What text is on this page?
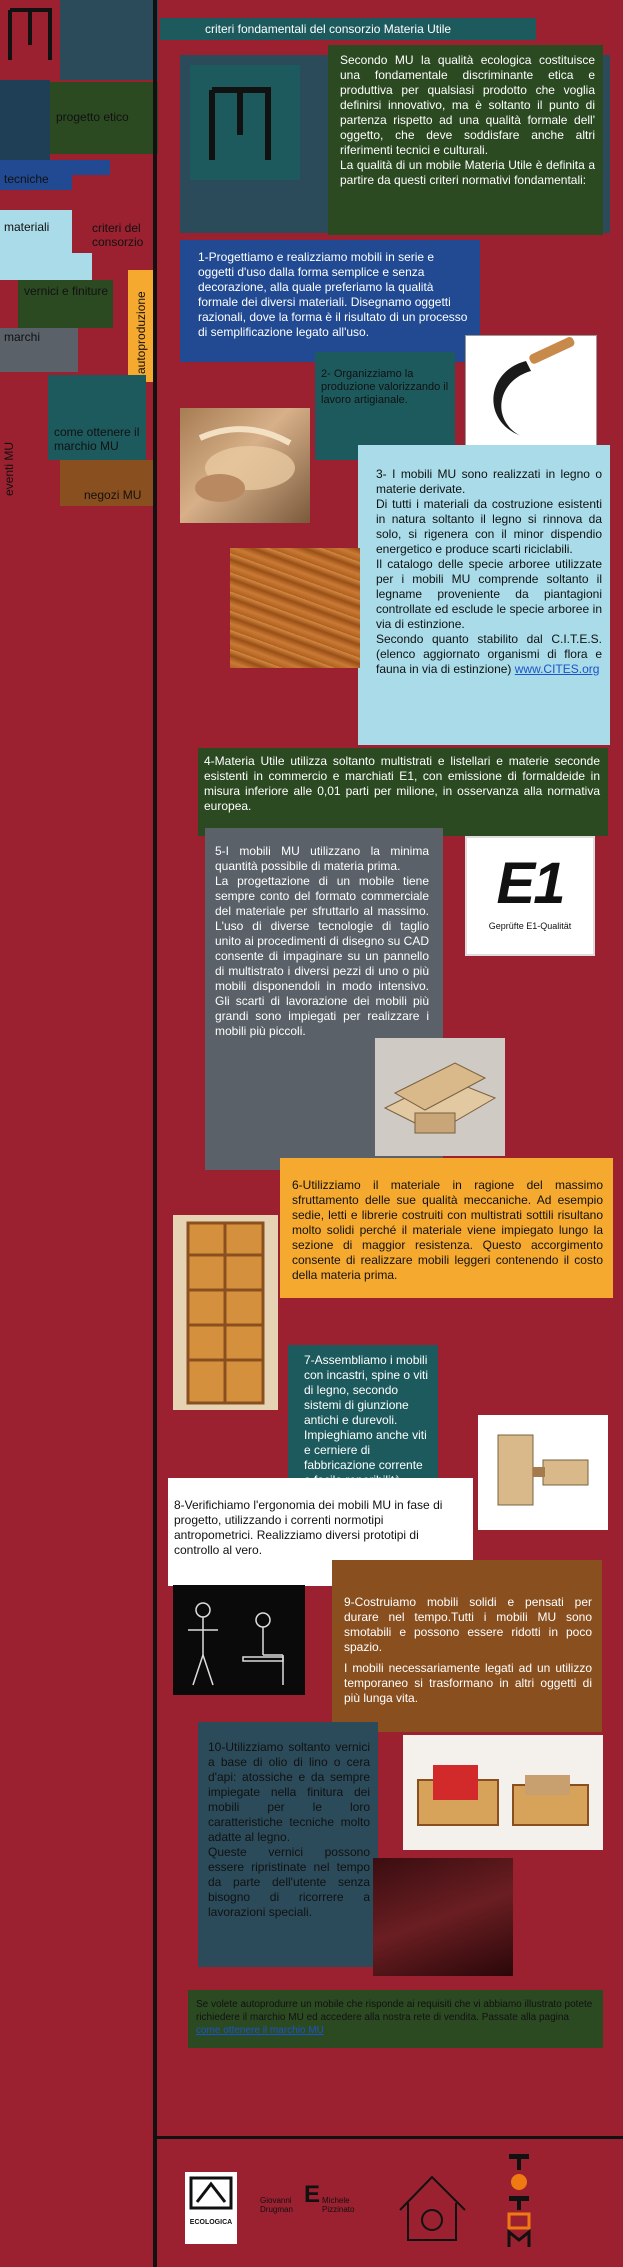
progetto etico
tecniche
materiali	criteri del consorzio
vernici e finiture
marchi	autoproduzione
come ottenere il marchio MU
negozi MU
eventi MU
criteri fondamentali del consorzio Materia Utile

Secondo MU la qualità ecologica costituisce una fondamentale discriminante etica e produttiva per qualsiasi prodotto che voglia definirsi innovativo, ma è soltanto il punto di partenza rispetto ad una qualità formale dell' oggetto, che deve soddisfare anche altri riferimenti tecnici e culturali.

La qualità di un mobile Materia Utile è definita a partire da questi criteri normativi fondamentali:

1-Progettiamo e realizziamo mobili in serie e oggetti d'uso dalla forma semplice e senza decorazione, alla quale preferiamo la qualità formale dei diversi materiali. Disegnamo oggetti razionali, dove la forma è il risultato di un processo di semplificazione legato all'uso.
2- Organizziamo la produzione valorizzando il lavoro artigianale.

3- I mobili MU sono realizzati in legno o materie derivate.

Di tutti i materiali da costruzione esistenti in natura soltanto il legno si rinnova da solo, si rigenera con il minor dispendio energetico e produce scarti riciclabili.

Il catalogo delle specie arboree utilizzate per i mobili MU comprende soltanto il legname proveniente da piantagioni controllate ed esclude le specie arboree in via di estinzione.

Secondo quanto stabilito dal C.I.T.E.S. (elenco aggiornato organismi di flora e fauna in via di estinzione) www.CITES.org

4-Materia Utile utilizza soltanto multistrati e listellari e materie seconde esistenti in commercio e marchiati E1, con emissione di formaldeide in misura inferiore alle 0,01 parti per milione, in osservanza alla normativa europea.

5-I mobili MU utilizzano la minima quantità possibile di materia prima.

La progettazione di un mobile tiene sempre conto del formato commerciale del materiale per sfruttarlo al massimo. L'uso di diverse tecnologie di taglio unito ai procedimenti di disegno su CAD consente di impaginare su un pannello di multistrato i diversi pezzi di uno o più mobili disponendoli in modo intensivo. Gli scarti di lavorazione dei mobili più grandi sono impiegati per realizzare i mobili più piccoli.

E1
Geprüfte E1-Qualität
6-Utilizziamo il materiale in ragione del massimo sfruttamento delle sue qualità meccaniche. Ad esempio sedie, letti e librerie costruiti con multistrati sottili risultano molto solidi perché il materiale viene impiegato lungo la sezione di maggior resistenza. Questo accorgimento consente di realizzare mobili leggeri contenendo il costo della materia prima.
7-Assembliamo i mobili con incastri, spine o viti di legno, secondo sistemi di giunzione antichi e durevoli. Impieghiamo anche viti e cerniere di fabbricazione corrente
8-Verifichiamo l'ergonomia dei mobili MU in fase di progetto, utilizzando i correnti normotipi antropometrici. Realizziamo diversi prototipi di controllo al vero.

9-Costruiamo mobili solidi e pensati per durare nel tempo.Tutti i mobili MU sono smotabili e possono essere ridotti in poco spazio.

I mobili necessariamente legati ad un utilizzo temporaneo si trasformano in altri oggetti di più lunga vita.

10-Utilizziamo soltanto vernici a base di olio di lino o cera d'api: atossiche e da sempre impiegate nella finitura dei mobili per le loro caratteristiche tecniche molto adatte al legno.

Queste vernici possono essere ripristinate nel tempo da parte dell'utente senza bisogno di ricorrere a lavorazioni speciali.

Se volete autoprodurre un mobile che risponde ai requisiti che vi abbiamo illustrato potete richiedere il marchio MU ed accedere alla nostra rete di vendita. Passate alla pagina come ottenere il marchio MU
ECOLOGICA
Giovanni Drugman
E Michele Pizzinato
